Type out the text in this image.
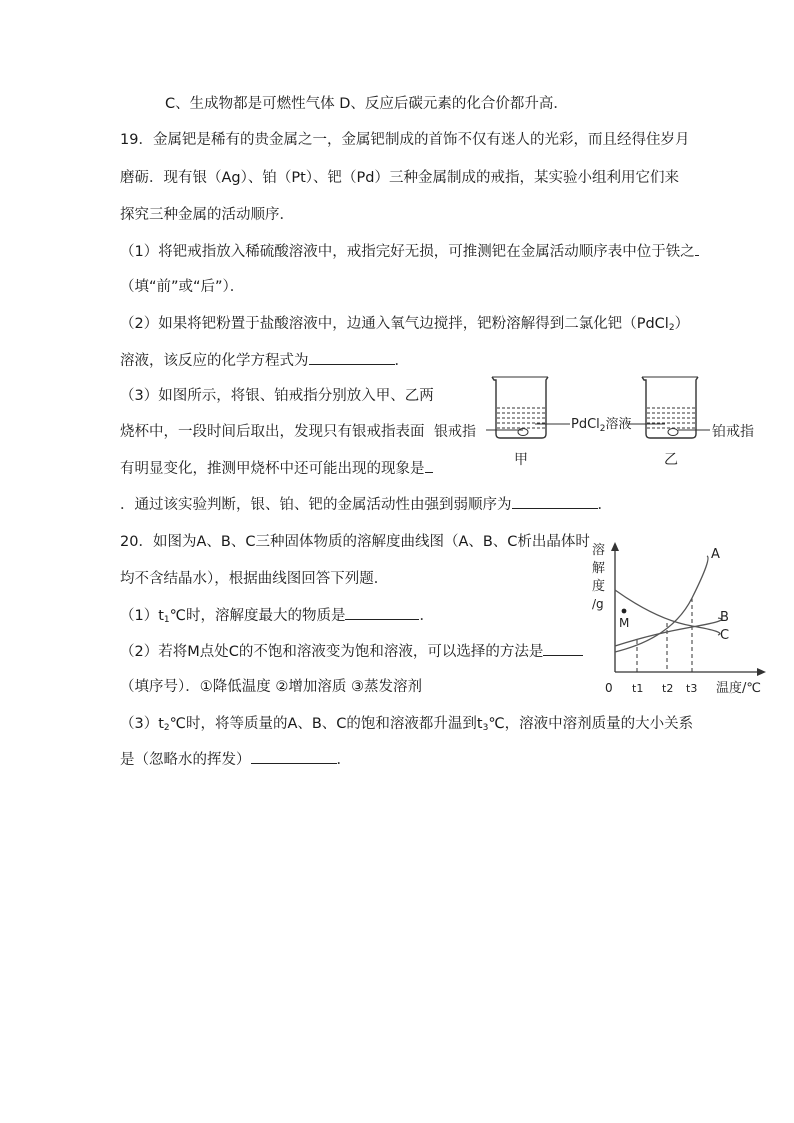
C、生成物都是可燃性气体 D、反应后碳元素的化合价都升高．
19．金属钯是稀有的贵金属之一，金属钯制成的首饰不仅有迷人的光彩，而且经得住岁月
磨砺．现有银（Ag）、铂（Pt）、钯（Pd）三种金属制成的戒指，某实验小组利用它们来
探究三种金属的活动顺序．
（1）将钯戒指放入稀硫酸溶液中，戒指完好无损，可推测钯在金属活动顺序表中位于铁之
（填“前”或“后”）．
（2）如果将钯粉置于盐酸溶液中，边通入氧气边搅拌，钯粉溶解得到二氯化钯（PdCl$_2$）
溶液，该反应的化学方程式为	．
（3）如图所示，将银、铂戒指分别放入甲、乙两
烧杯中，一段时间后取出，发现只有银戒指表面
有明显变化，推测甲烧杯中还可能出现的现象是
．通过该实验判断，银、铂、钯的金属活动性由强到弱顺序为	．
银戒指	PdCl$_2$溶液	铂戒指
甲	乙
20．如图为A、B、C三种固体物质的溶解度曲线图（A、B、C析出晶体时
均不含结晶水），根据曲线图回答下列题．
$(1)t_1℃$时，溶解度最大的物质是	．
（2）若将M点处C的不饱和溶液变为饱和溶液，可以选择的方法是
（填序号）．①降低温度 ②增加溶质 ③蒸发溶剂
$(3)t_2℃$时，将等质量的A、B、C的饱和溶液都升温到$t_3℃$，溶液中溶剂质量的大小关系
是（忽略水的挥发）	．
溶
解
度
/g
M
A
B
C
0 t1 t2 t3 温度/℃
